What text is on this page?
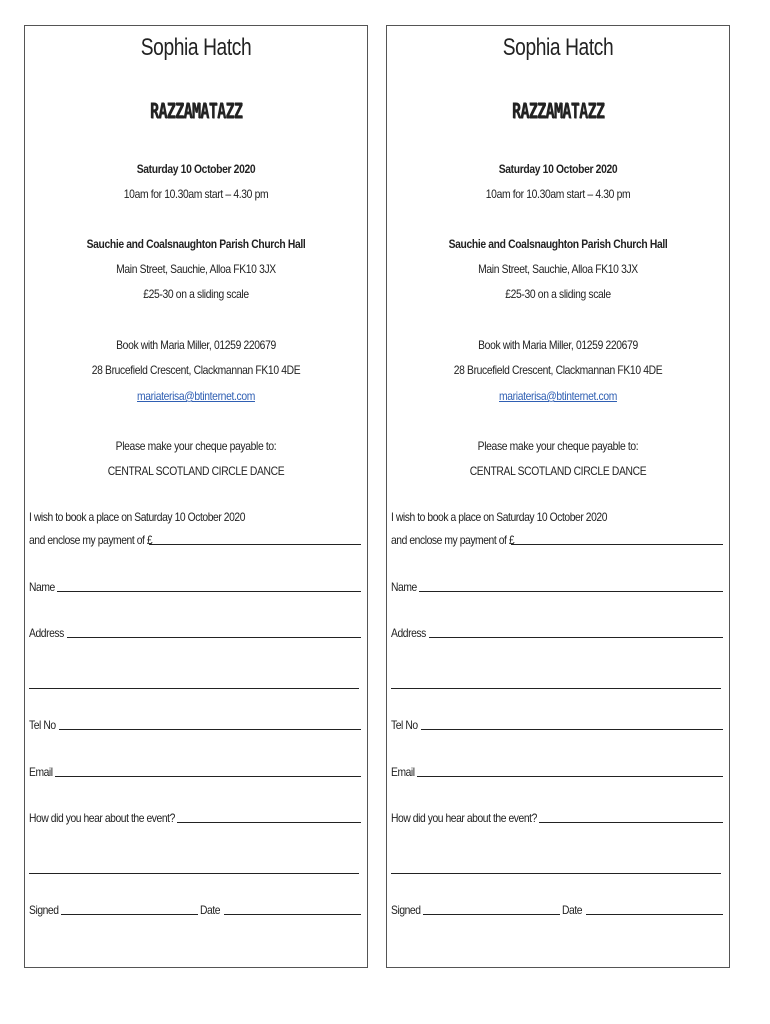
Sophia Hatch
RAZZAMATAZZ
Saturday 10 October 2020
10am for 10.30am start – 4.30 pm
Sauchie and Coalsnaughton Parish Church Hall
Main Street, Sauchie, Alloa FK10 3JX
£25-30 on a sliding scale
Book with Maria Miller, 01259 220679
28 Brucefield Crescent, Clackmannan FK10 4DE
mariaterisa@btinternet.com
Please make your cheque payable to:
CENTRAL SCOTLAND CIRCLE DANCE
I wish to book a place on Saturday 10 October 2020
and enclose my payment of £
Name
Address
Tel No
Email
How did you hear about the event?
Signed	Date
Sophia Hatch
RAZZAMATAZZ
Saturday 10 October 2020
10am for 10.30am start – 4.30 pm
Sauchie and Coalsnaughton Parish Church Hall
Main Street, Sauchie, Alloa FK10 3JX
£25-30 on a sliding scale
Book with Maria Miller, 01259 220679
28 Brucefield Crescent, Clackmannan FK10 4DE
mariaterisa@btinternet.com
Please make your cheque payable to:
CENTRAL SCOTLAND CIRCLE DANCE
I wish to book a place on Saturday 10 October 2020
and enclose my payment of £
Name
Address
Tel No
Email
How did you hear about the event?
Signed	Date
